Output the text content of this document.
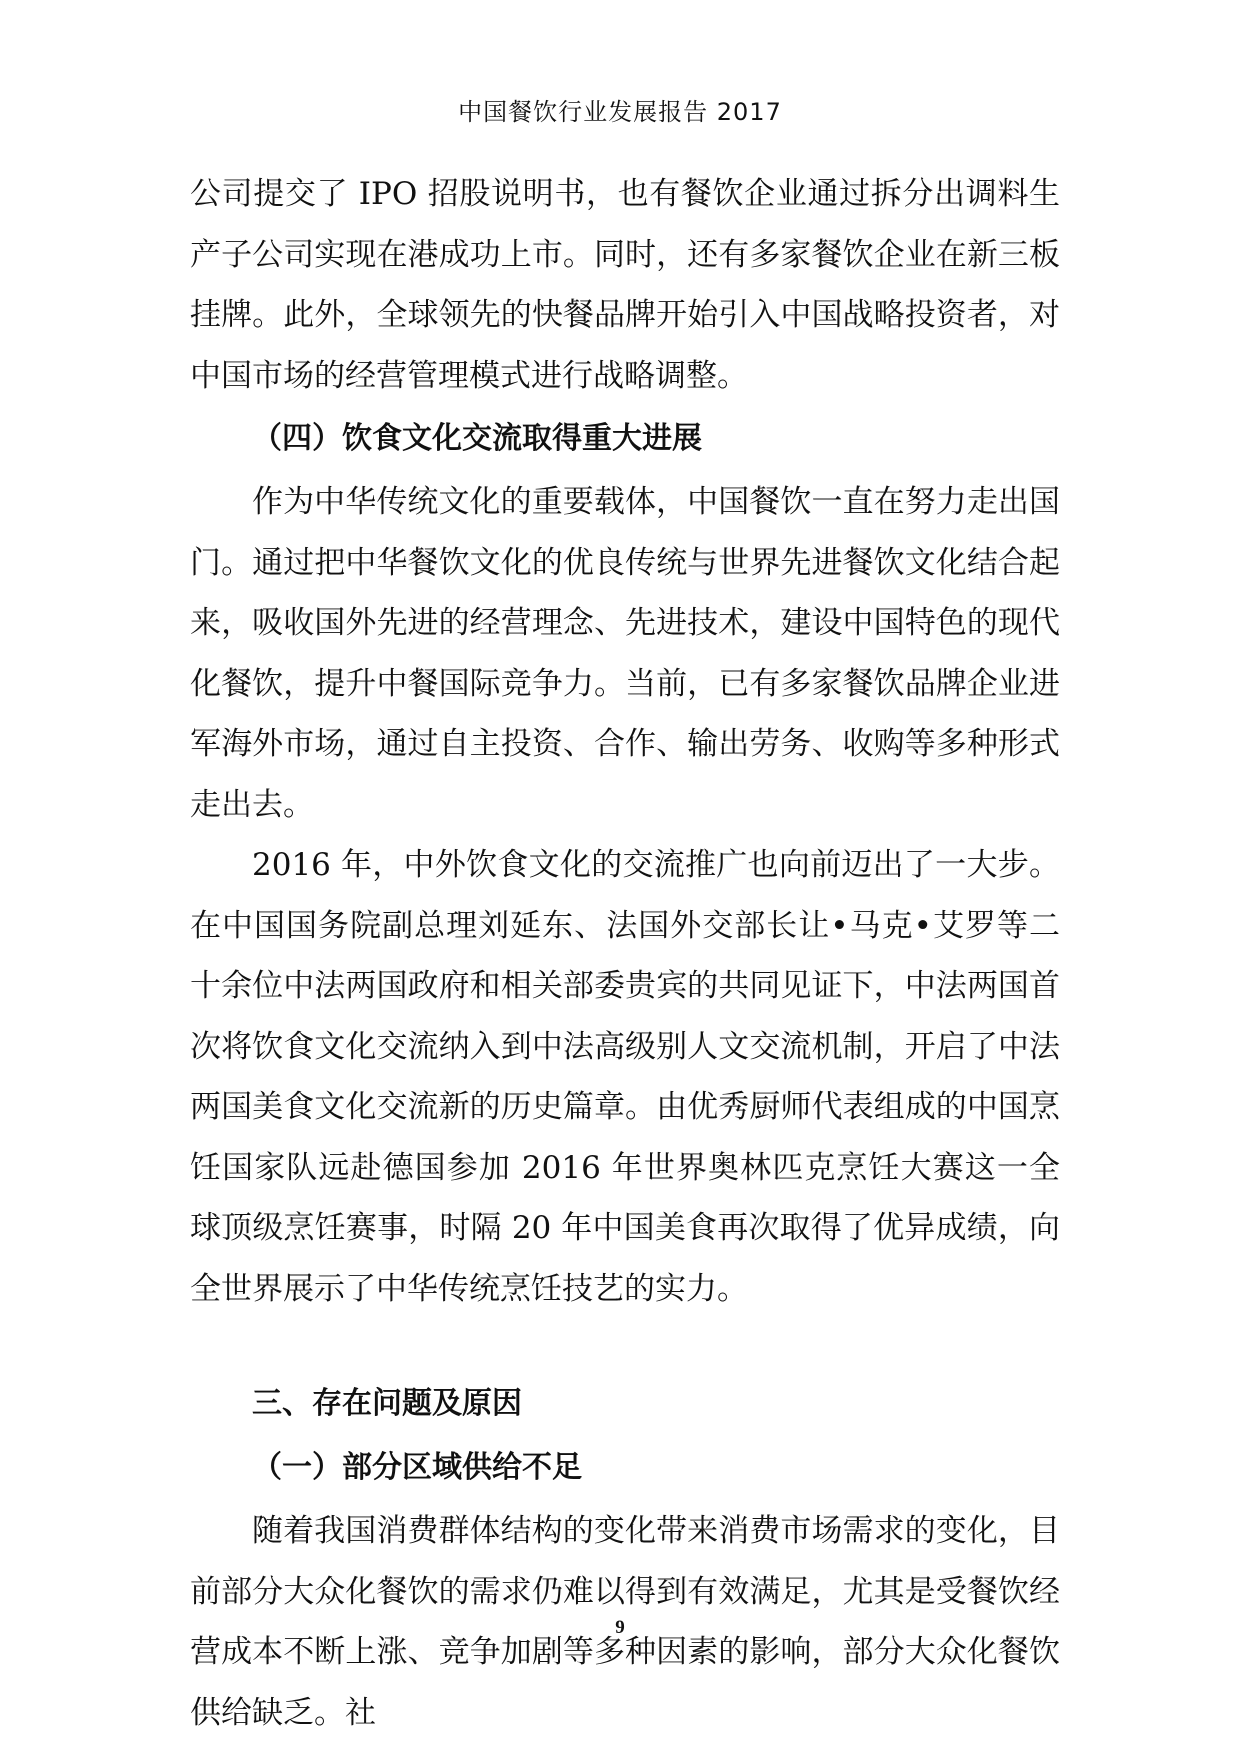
中国餐饮行业发展报告 2017

公司提交了 IPO 招股说明书，也有餐饮企业通过拆分出调料生产子公司实现在港成功上市。同时，还有多家餐饮企业在新三板挂牌。此外，全球领先的快餐品牌开始引入中国战略投资者，对中国市场的经营管理模式进行战略调整。

（四）饮食文化交流取得重大进展

作为中华传统文化的重要载体，中国餐饮一直在努力走出国门。通过把中华餐饮文化的优良传统与世界先进餐饮文化结合起来，吸收国外先进的经营理念、先进技术，建设中国特色的现代化餐饮，提升中餐国际竞争力。当前，已有多家餐饮品牌企业进军海外市场，通过自主投资、合作、输出劳务、收购等多种形式走出去。

2016 年，中外饮食文化的交流推广也向前迈出了一大步。在中国国务院副总理刘延东、法国外交部长让•马克•艾罗等二十余位中法两国政府和相关部委贵宾的共同见证下，中法两国首次将饮食文化交流纳入到中法高级别人文交流机制，开启了中法两国美食文化交流新的历史篇章。由优秀厨师代表组成的中国烹饪国家队远赴德国参加 2016 年世界奥林匹克烹饪大赛这一全球顶级烹饪赛事，时隔 20 年中国美食再次取得了优异成绩，向全世界展示了中华传统烹饪技艺的实力。

三、存在问题及原因
（一）部分区域供给不足

随着我国消费群体结构的变化带来消费市场需求的变化，目前部分大众化餐饮的需求仍难以得到有效满足，尤其是受餐饮经营成本不断上涨、竞争加剧等多种因素的影响，部分大众化餐饮供给缺乏。社

9
